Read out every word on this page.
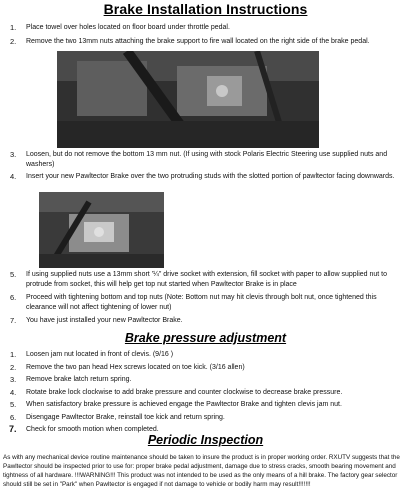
Brake Installation Instructions
1. Place towel over holes located on floor board under throttle pedal.
2. Remove the two 13mm nuts attaching the brake support to fire wall located on the right side of the brake pedal.
3. Loosen, but do not remove the bottom 13 mm nut. (If using with stock Polaris Electric Steering use supplied nuts and washers)
4. Insert your new Pawltector Brake over the two protruding studs with the slotted portion of pawltector facing downwards.
5. If using supplied nuts use a 13mm short '¼" drive socket with extension, fill socket with paper to allow supplied nut to protrude from socket, this will help get top nut started when Pawltector Brake is in place
6. Proceed with tightening bottom and top nuts (Note: Bottom nut may hit clevis through bolt nut, once tightened this clearance will not affect tightening of lower nut)
7. You have just installed your new Pawltector Brake.
Brake pressure adjustment
1. Loosen jam nut located in front of clevis. (9/16 )
2. Remove the two pan head Hex screws located on toe kick. (3/16 allen)
3. Remove brake latch return spring.
4. Rotate brake lock clockwise to add brake pressure and counter clockwise to decrease brake pressure.
5. When satisfactory brake pressure is achieved engage the Pawltector Brake and tighten clevis jam nut.
6. Disengage Pawltector Brake, reinstall toe kick and return spring.
7. Check for smooth motion when completed.
Periodic Inspection
As with any mechanical device routine maintenance should be taken to insure the product is in proper working order. RXUTV suggests that the Pawltector should be inspected prior to use for: proper brake pedal adjustment, damage due to stress cracks, smooth bearing movement and tightness of all hardware. !!!WARNING!!! This product was not intended to be used as the only means of a hill brake. The factory gear selector should still be set in "Park" when Pawltector is engaged if not damage to vehicle or bodily harm may result!!!!!!!
